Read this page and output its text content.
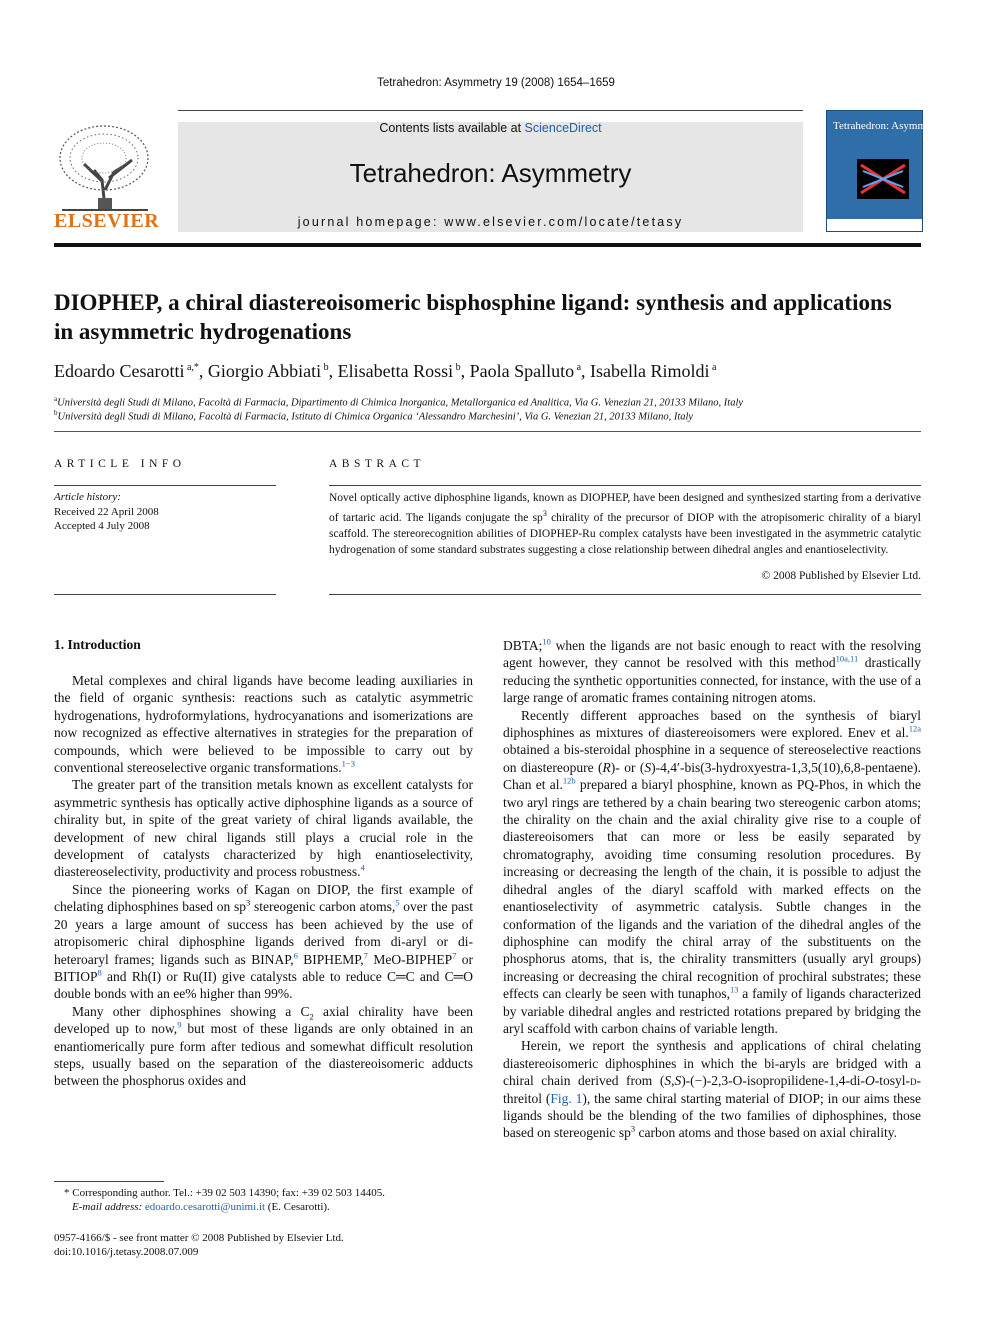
Tetrahedron: Asymmetry 19 (2008) 1654–1659
ELSEVIER
Contents lists available at ScienceDirect
Tetrahedron: Asymmetry
journal homepage: www.elsevier.com/locate/tetasy
Tetrahedron: Asymmetry
DIOPHEP, a chiral diastereoisomeric bisphosphine ligand: synthesis and applications in asymmetric hydrogenations
Edoardo Cesarotti $^{a,*}$, Giorgio Abbiati $^b$, Elisabetta Rossi $^b$, Paola Spalluto $^a$, Isabella Rimoldi $^a$
$^a$Università degli Studi di Milano, Facoltà di Farmacia, Dipartimento di Chimica Inorganica, Metallorganica ed Analitica, Via G. Venezian 21, 20133 Milano, Italy
$^b$Università degli Studi di Milano, Facoltà di Farmacia, Istituto di Chimica Organica ‘Alessandro Marchesini’, Via G. Venezian 21, 20133 Milano, Italy
ARTICLE INFO	ABSTRACT
Article history:
Received 22 April 2008
Accepted 4 July 2008
Novel optically active diphosphine ligands, known as DIOPHEP, have been designed and synthesized starting from a derivative of tartaric acid. The ligands conjugate the $sp^3$ chirality of the precursor of DIOP with the atropisomeric chirality of a biaryl scaffold. The stereorecognition abilities of DIOPHEP-Ru complex catalysts have been investigated in the asymmetric catalytic hydrogenation of some standard substrates suggesting a close relationship between dihedral angles and enantioselectivity.
© 2008 Published by Elsevier Ltd.
1. Introduction

Metal complexes and chiral ligands have become leading auxiliaries in the field of organic synthesis: reactions such as catalytic asymmetric hydrogenations, hydroformylations, hydrocyanations and isomerizations are now recognized as effective alternatives in strategies for the preparation of compounds, which were believed to be impossible to carry out by conventional stereoselective organic transformations.$^{1-3}$

The greater part of the transition metals known as excellent catalysts for asymmetric synthesis has optically active diphosphine ligands as a source of chirality but, in spite of the great variety of chiral ligands available, the development of new chiral ligands still plays a crucial role in the development of catalysts characterized by high enantioselectivity, diastereoselectivity, productivity and process robustness.$^4$

Since the pioneering works of Kagan on DIOP, the first example of chelating diphosphines based on $sp^3$ stereogenic carbon atoms,$^5$ over the past 20 years a large amount of success has been achieved by the use of atropisomeric chiral diphosphine ligands derived from di-aryl or di-heteroaryl frames; ligands such as BINAP,$^6$ BIPHEMP,$^7$ MeO-BIPHEP$^7$ or BITIOP$^8$ and Rh(I) or Ru(II) give catalysts able to reduce C═C and C═O double bonds with an ee% higher than 99%.

Many other diphosphines showing a $C_2$ axial chirality have been developed up to now,$^9$ but most of these ligands are only obtained in an enantiomerically pure form after tedious and somewhat difficult resolution steps, usually based on the separation of the diastereoisomeric adducts between the phosphorus oxides and

DBTA;$^{10}$ when the ligands are not basic enough to react with the resolving agent however, they cannot be resolved with this method$^{10a,11}$ drastically reducing the synthetic opportunities connected, for instance, with the use of a large range of aromatic frames containing nitrogen atoms.

Recently different approaches based on the synthesis of biaryl diphosphines as mixtures of diastereoisomers were explored. Enev et al.$^{12a}$ obtained a bis-steroidal phosphine in a sequence of stereoselective reactions on diastereopure (R)- or (S)-4,4′-bis(3-hydroxyestra-1,3,5(10),6,8-pentaene). Chan et al.$^{12b}$ prepared a biaryl phosphine, known as PQ-Phos, in which the two aryl rings are tethered by a chain bearing two stereogenic carbon atoms; the chirality on the chain and the axial chirality give rise to a couple of diastereoisomers that can more or less be easily separated by chromatography, avoiding time consuming resolution procedures. By increasing or decreasing the length of the chain, it is possible to adjust the dihedral angles of the diaryl scaffold with marked effects on the enantioselectivity of asymmetric catalysis. Subtle changes in the conformation of the ligands and the variation of the dihedral angles of the diphosphine can modify the chiral array of the substituents on the phosphorus atoms, that is, the chirality transmitters (usually aryl groups) increasing or decreasing the chiral recognition of prochiral substrates; these effects can clearly be seen with tunaphos,$^{13}$ a family of ligands characterized by variable dihedral angles and restricted rotations prepared by bridging the aryl scaffold with carbon chains of variable length.

Herein, we report the synthesis and applications of chiral chelating diastereoisomeric diphosphines in which the bi-aryls are bridged with a chiral chain derived from (S,S)-(−)-2,3-O-isopropilidene-1,4-di-O-tosyl-d-threitol (Fig. 1), the same chiral starting material of DIOP; in our aims these ligands should be the blending of the two families of diphosphines, those based on stereogenic $sp^3$ carbon atoms and those based on axial chirality.

* Corresponding author. Tel.: +39 02 503 14390; fax: +39 02 503 14405.
E-mail address: edoardo.cesarotti@unimi.it (E. Cesarotti).
0957-4166/$ - see front matter © 2008 Published by Elsevier Ltd.
doi:10.1016/j.tetasy.2008.07.009
